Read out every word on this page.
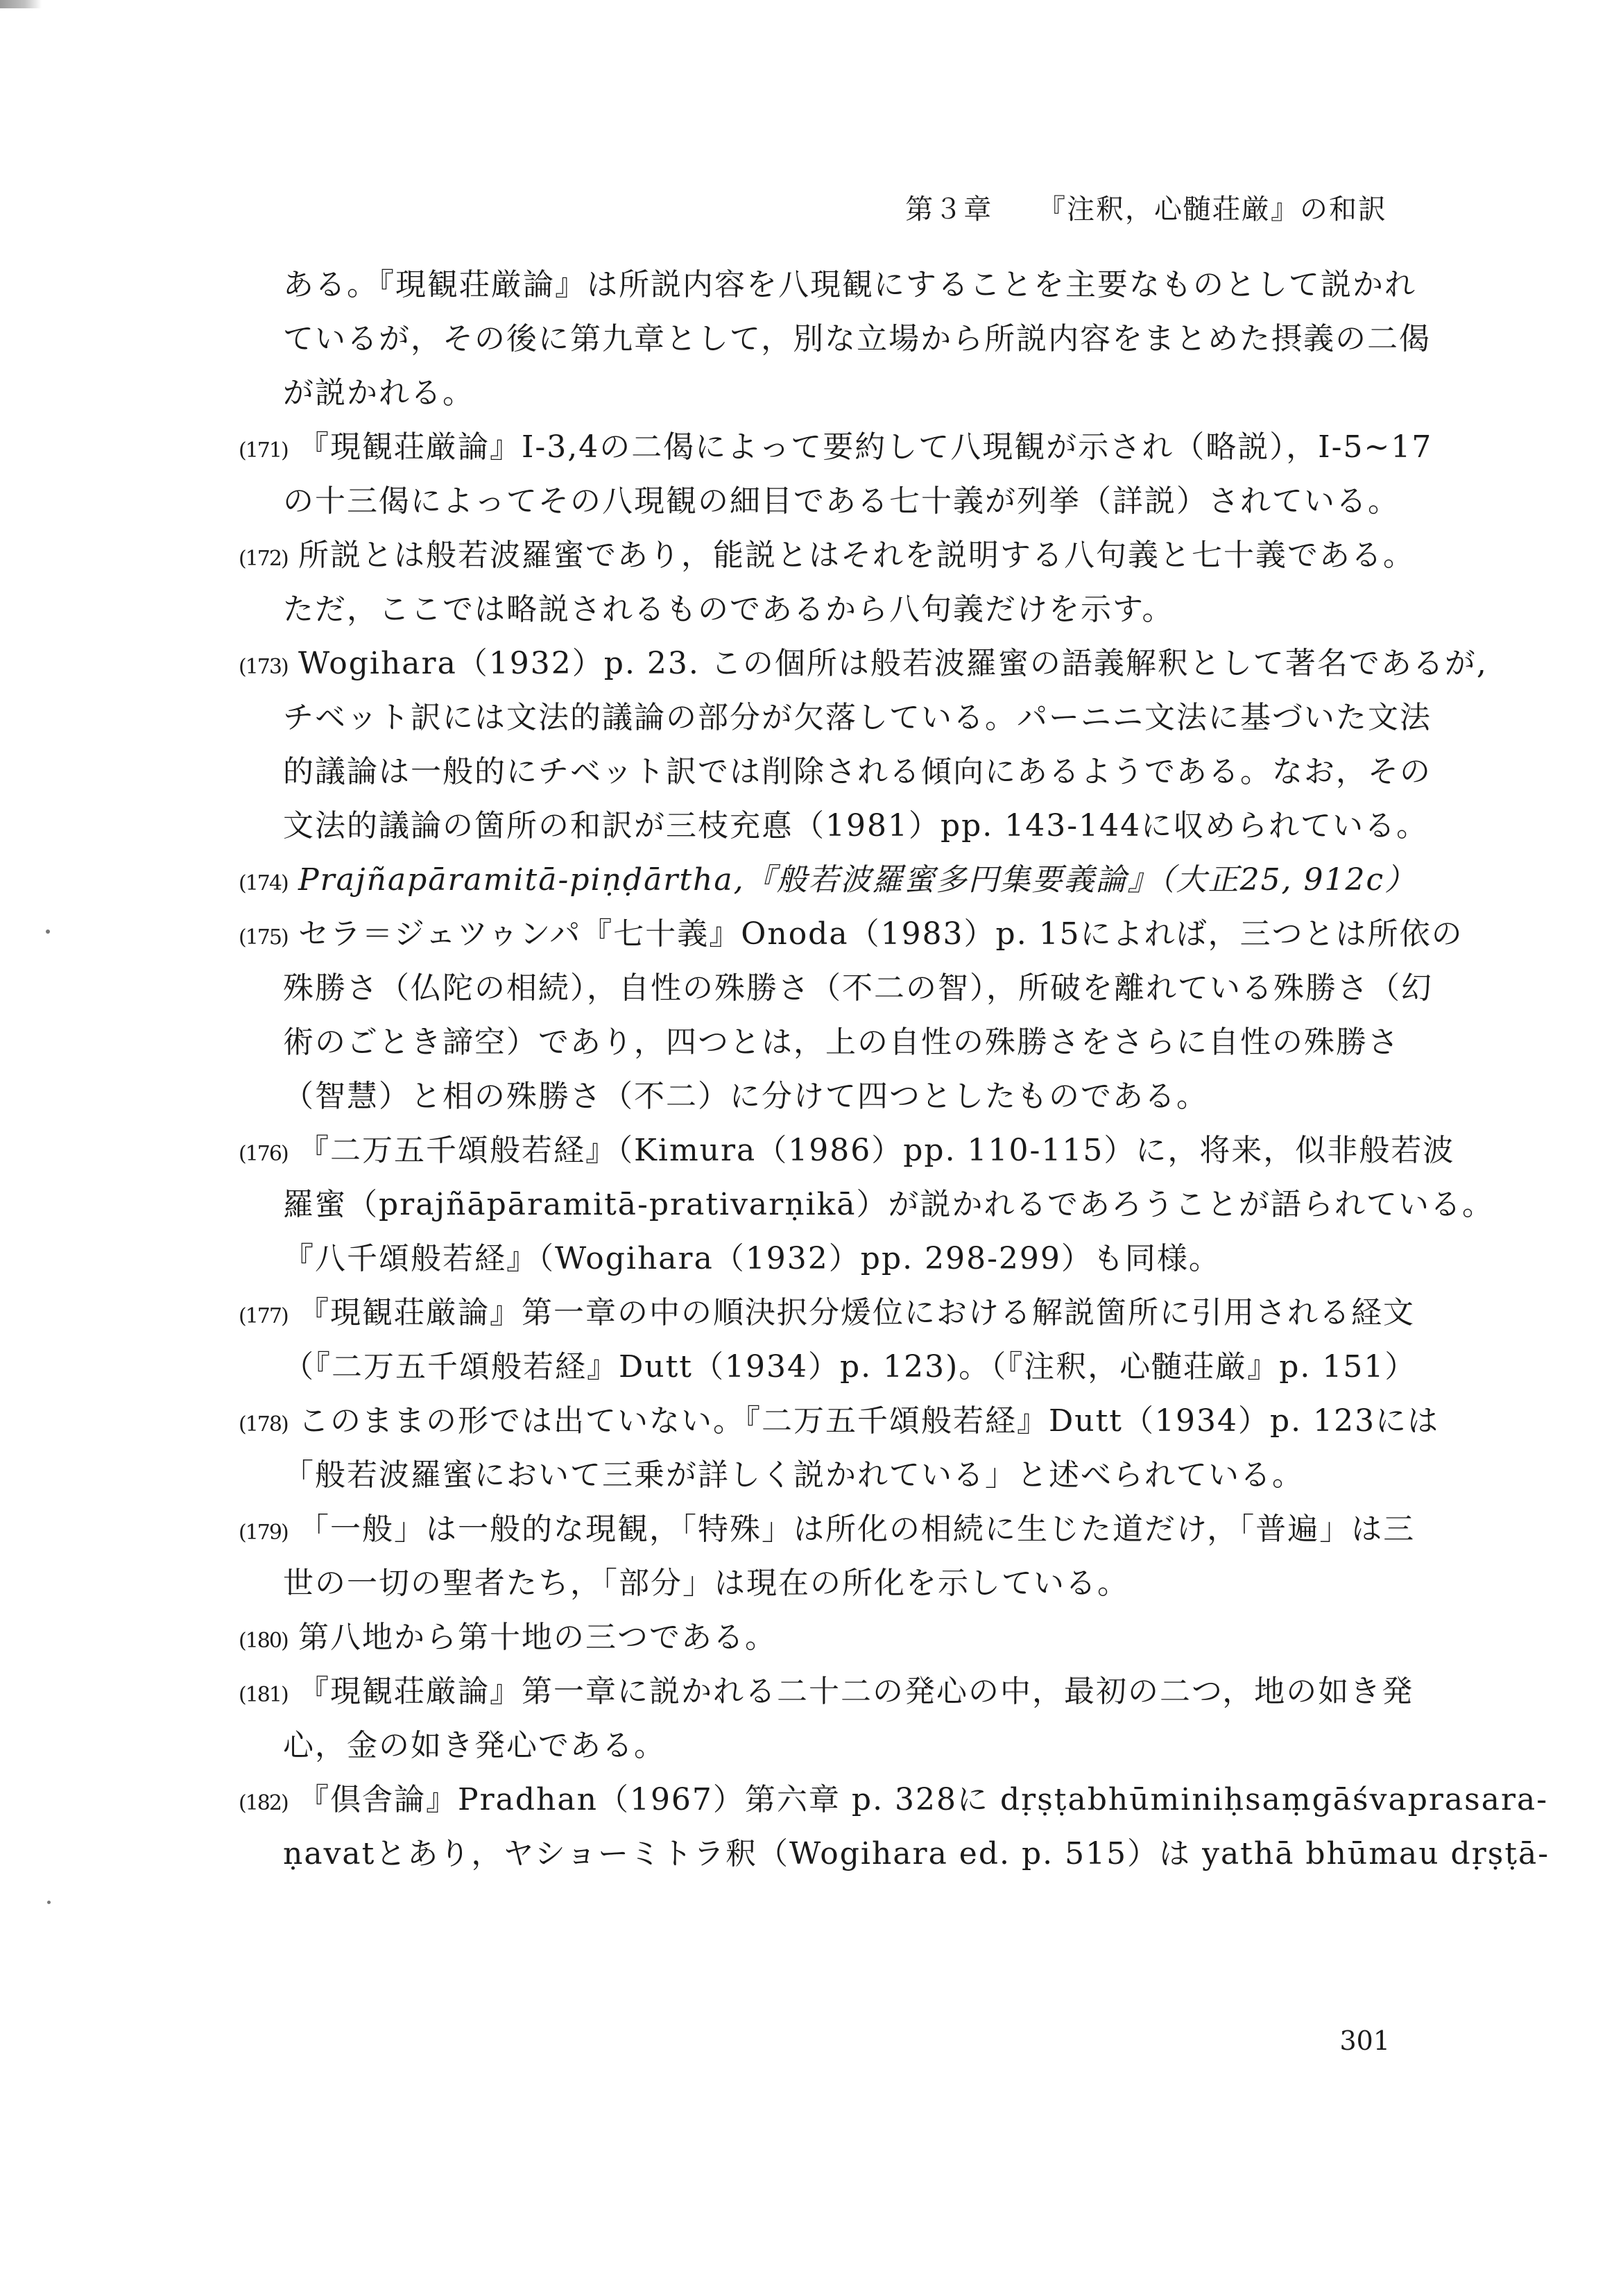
第３章 『注釈，心髄荘厳』の和訳
ある。『現観荘厳論』は所説内容を八現観にすることを主要なものとして説かれ
ているが，その後に第九章として，別な立場から所説内容をまとめた摂義の二偈
が説かれる。
(171) 『現観荘厳論』Ⅰ-3,4の二偈によって要約して八現観が示され（略説），Ⅰ-5~17
の十三偈によってその八現観の細目である七十義が列挙（詳説）されている。
(172) 所説とは般若波羅蜜であり，能説とはそれを説明する八句義と七十義である。
ただ，ここでは略説されるものであるから八句義だけを示す。
(173) Wogihara（1932）p. 23. この個所は般若波羅蜜の語義解釈として著名であるが,
チベット訳には文法的議論の部分が欠落している。パーニニ文法に基づいた文法
的議論は一般的にチベット訳では削除される傾向にあるようである。なお，その
文法的議論の箇所の和訳が三枝充悳（1981）pp. 143-144に収められている。
(174) Prajñapāramitā-piṇḍārtha,『般若波羅蜜多円集要義論』（大正25, 912c）
(175) セラ＝ジェツゥンパ『七十義』Onoda（1983）p. 15によれば，三つとは所依の
殊勝さ（仏陀の相続），自性の殊勝さ（不二の智），所破を離れている殊勝さ（幻
術のごとき諦空）であり，四つとは，上の自性の殊勝さをさらに自性の殊勝さ
（智慧）と相の殊勝さ（不二）に分けて四つとしたものである。
(176) 『二万五千頌般若経』（Kimura（1986）pp. 110-115）に，将来，似非般若波
羅蜜（prajñāpāramitā-prativarṇikā）が説かれるであろうことが語られている。
『八千頌般若経』（Wogihara（1932）pp. 298-299）も同様。
(177) 『現観荘厳論』第一章の中の順決択分煖位における解説箇所に引用される経文
（『二万五千頌般若経』Dutt（1934）p. 123)。（『注釈，心髄荘厳』p. 151）
(178) このままの形では出ていない。『二万五千頌般若経』Dutt（1934）p. 123には
「般若波羅蜜において三乗が詳しく説かれている」と述べられている。
(179) 「一般」は一般的な現観，「特殊」は所化の相続に生じた道だけ，「普遍」は三
世の一切の聖者たち，「部分」は現在の所化を示している。
(180) 第八地から第十地の三つである。
(181) 『現観荘厳論』第一章に説かれる二十二の発心の中，最初の二つ，地の如き発
心，金の如き発心である。
(182) 『倶舎論』Pradhan（1967）第六章 p. 328に dṛṣṭabhūminiḥsaṃgāśvaprasara-
ṇavatとあり，ヤショーミトラ釈（Wogihara ed. p. 515）は yathā bhūmau dṛṣṭā-
301
